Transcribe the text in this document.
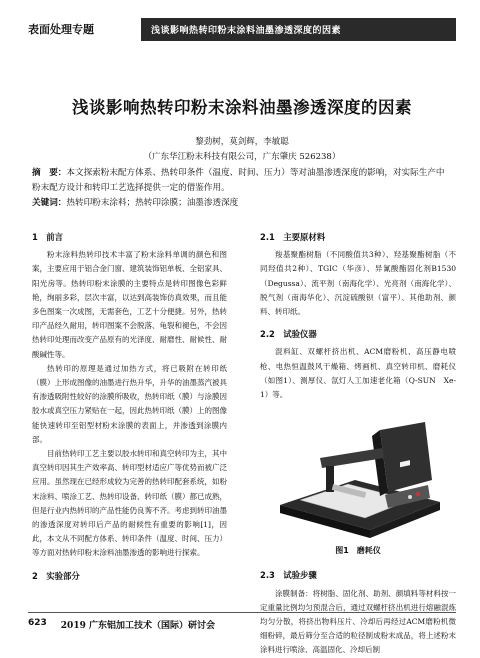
表面处理专题	浅谈影响热转印粉末涂料油墨渗透深度的因素
浅谈影响热转印粉末涂料油墨渗透深度的因素
黎劲树，莫剑辉，李敏聪
（广东华江粉末科技有限公司，广东肇庆 526238）
摘　要：本文探索粉末配方体系、热转印条件（温度、时间、压力）等对油墨渗透深度的影响，对实际生产中粉末配方设计和转印工艺选择提供一定的借鉴作用。
关键词：热转印粉末涂料；热转印涂膜；油墨渗透深度
1　前言

粉末涂料热转印技术丰富了粉末涂料单调的颜色和图案，主要应用于铝合金门窗、建筑装饰铝单板、全铝家具、阳光房等。热转印粉末涂膜的主要特点是转印图像色彩鲜艳，绚丽多彩，层次丰富，以达到高装饰仿真效果，而且能多色图案一次成图，无需套色，工艺十分便捷。另外，热转印产品经久耐用，转印图案不会脱落、龟裂和褪色，不会因热转印处理而改变产品原有的光泽度、耐磨性、耐候性、耐酸碱性等。

热转印的原理是通过加热方式，将已吸附在转印纸（膜）上形成图像的油墨进行热升华，升华的油墨蒸汽被具有渗透吸附性较好的涂膜所吸收，热转印纸（膜）与涂膜因胶水或真空压力紧贴在一起，因此热转印纸（膜）上的图像能快速转印至铝型材粉末涂膜的表面上，并渗透到涂膜内部。

目前热转印工艺主要以胶水转印和真空转印为主，其中真空转印因其生产效率高、转印型材适应广等优势而被广泛应用。虽然现在已经形成较为完善的热转印配套系统，如粉末涂料、喷涂工艺、热转印设备、转印纸（膜）都已成熟，但是行业内热转印的产品性能仍良莠不齐。考虑到转印油墨的渗透深度对转印后产品的耐候性有重要的影响[1]，因此，本文从不同配方体系、转印条件（温度、时间、压力）等方面对热转印粉末涂料油墨渗透的影响进行探索。

2　实验部分
2.1　主要原材料

羧基聚酯树脂（不同酸值共3种）、羟基聚酯树脂（不同羟值共2种）、TGIC（华彦）、异氰酸酯固化剂B1530（Degussa）、流平剂（南海化学）、光亮剂（南海化学）、脱气剂（南海华化）、沉淀硫酸钡（富平）、其他助剂、颜料、转印纸。

2.2　试验仪器

混料缸、双螺杆挤出机、ACM磨粉机、高压静电喷枪、电热恒温鼓风干燥箱、烤画机、真空转印机、磨耗仪（如图1）、测厚仪、氙灯人工加速老化箱（Q-SUN　Xe-1）等。

图1　磨耗仪
2.3　试验步骤

涂膜制备：将树脂、固化剂、助剂、颜填料等材料按一定重量比例均匀预混合后，通过双螺杆挤出机进行熔融混炼均匀分散，将挤出物料压片、冷却后再经过ACM磨粉机微细粉碎，最后筛分至合适的粒径制成粉末成品，将上述粉末涂料进行喷涂、高温固化、冷却后制

623 2019 广东铝加工技术（国际）研讨会
